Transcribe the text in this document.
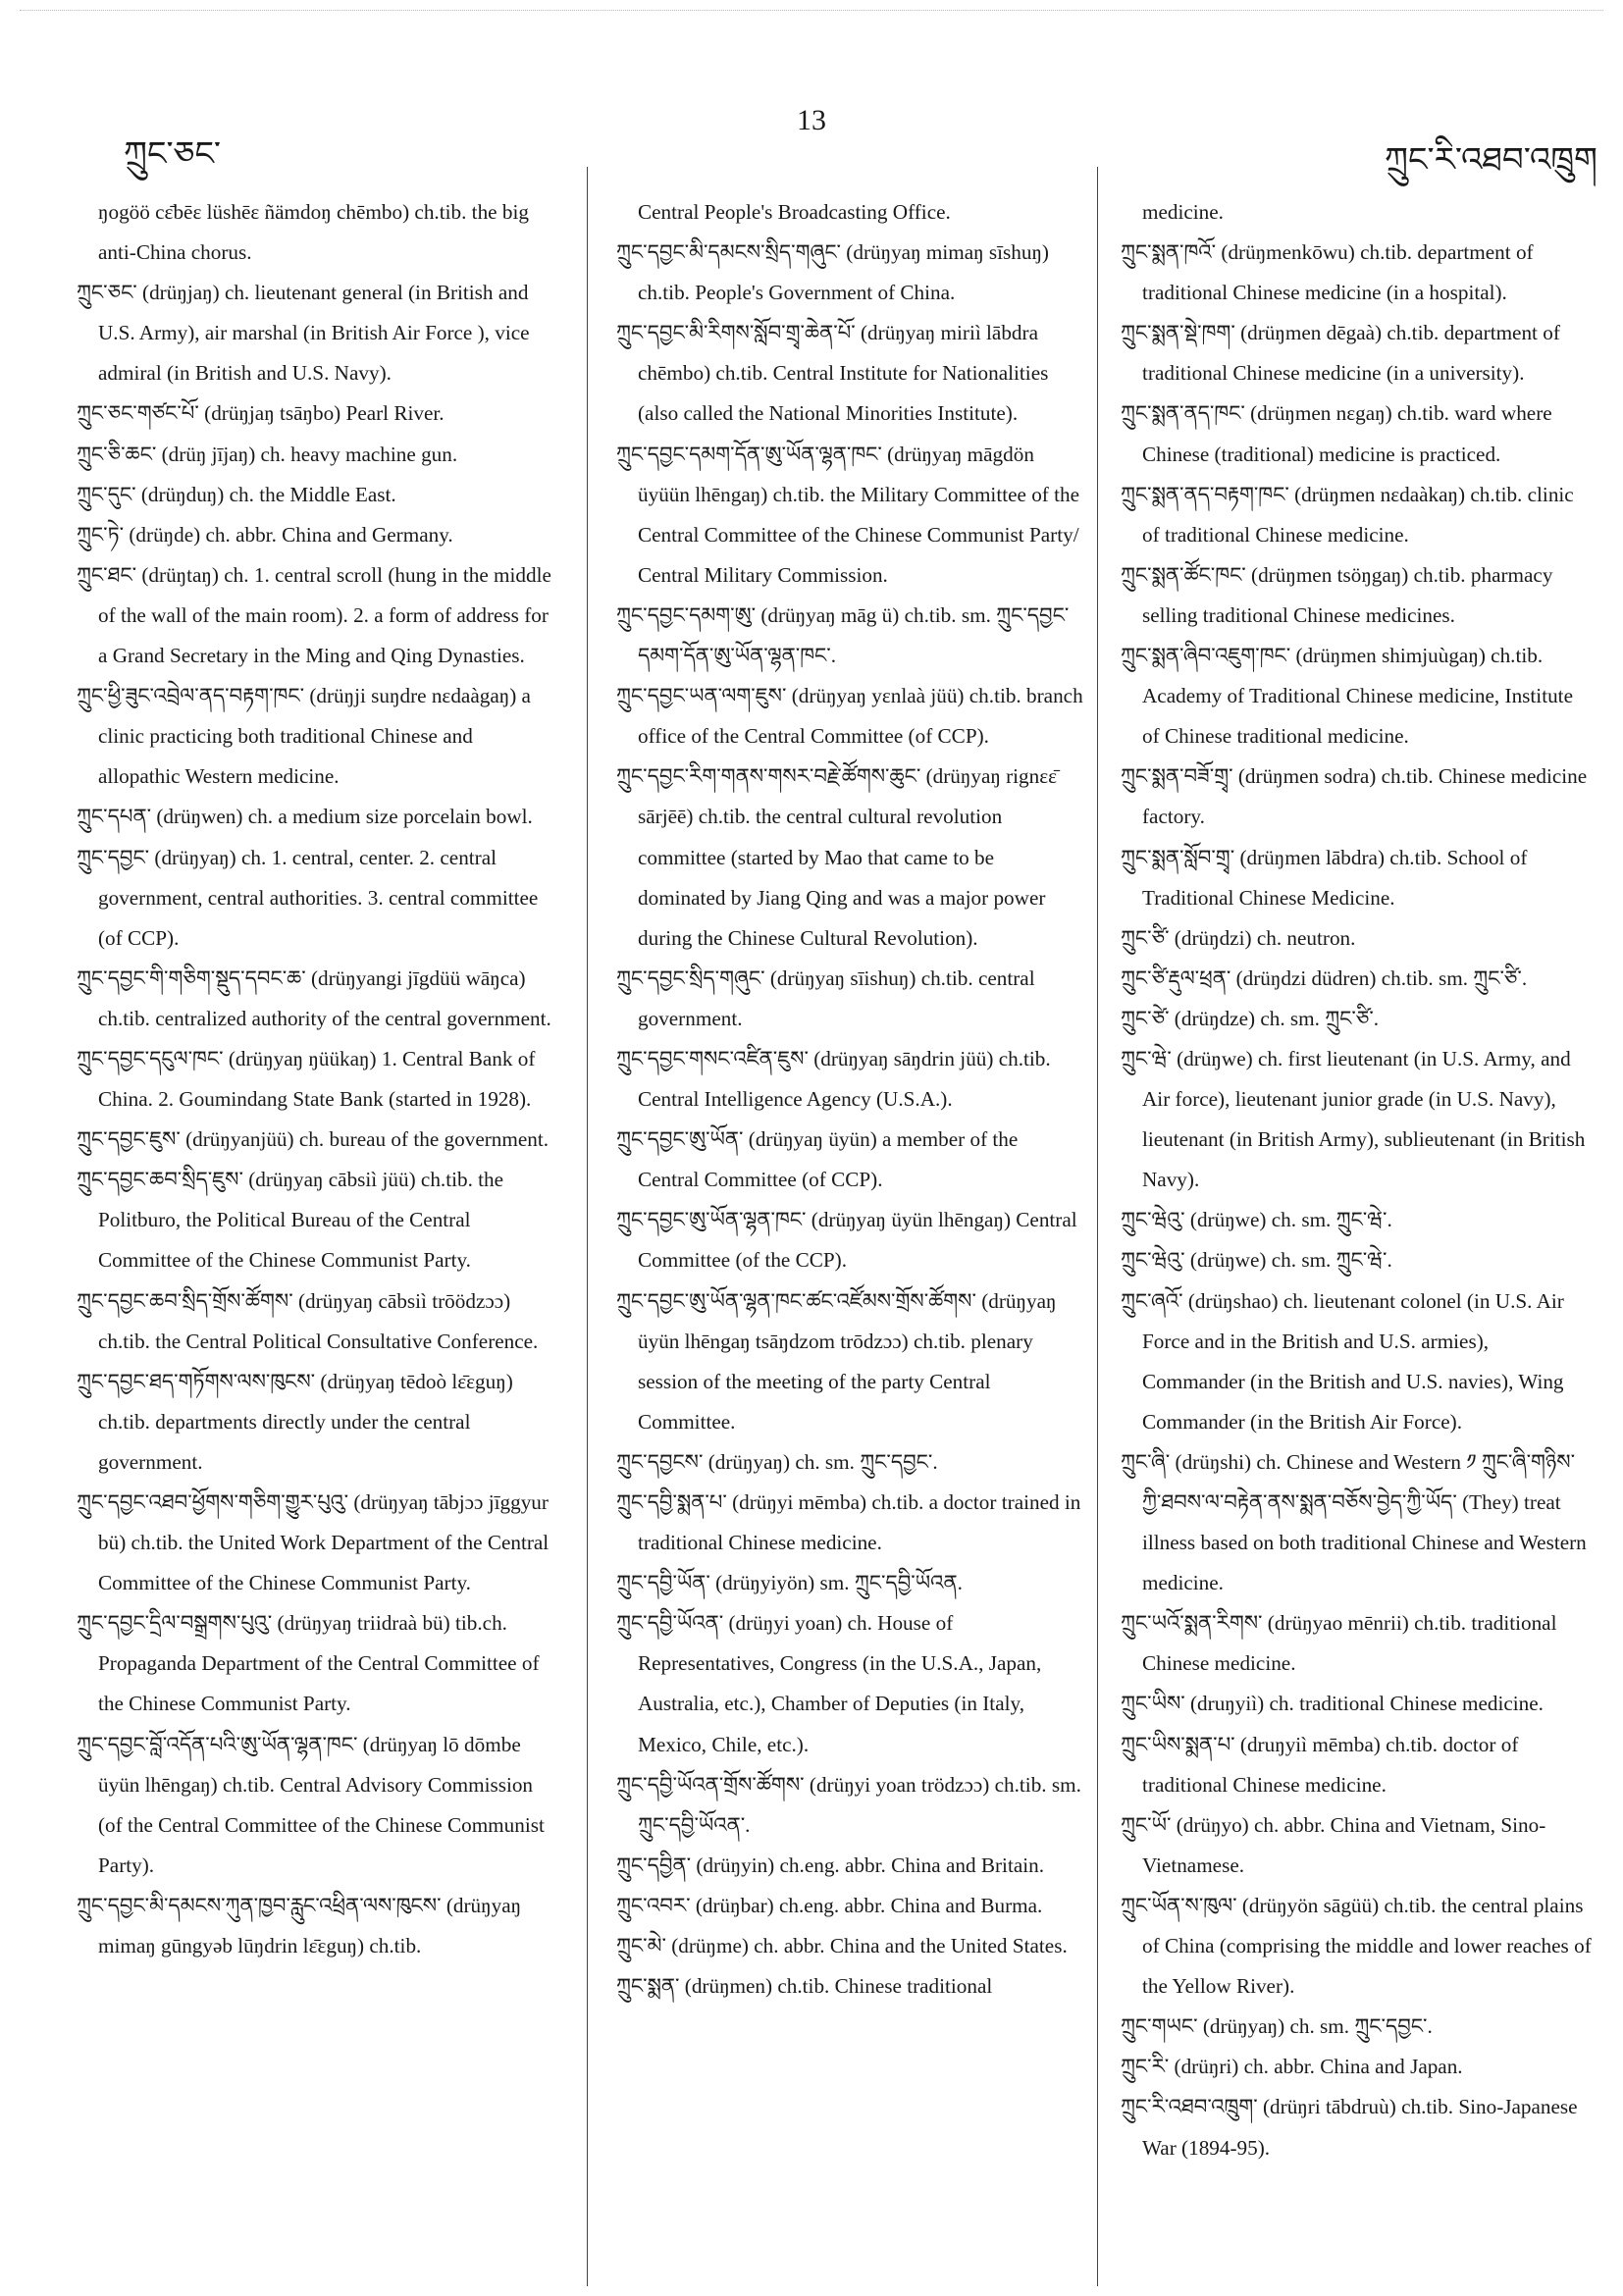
ཀྲུང་ཅང་
13
ཀྲུང་རི་འཐབ་འཁྲུག

ŋogöö cɛ̄bēɛ lüshēɛ ñämdoŋ chēmbo) ch.tib. the big anti-China chorus.

ཀྲུང་ཅང་ (drüŋjaŋ) ch. lieutenant general (in British and U.S. Army), air marshal (in British Air Force ), vice admiral (in British and U.S. Navy).

ཀྲུང་ཅང་གཙང་པོ་ (drüŋjaŋ tsāŋbo) Pearl River.

ཀྲུང་ཅི་ཆང་ (drüŋ jījaŋ) ch. heavy machine gun.

ཀྲུང་དུང་ (drüŋduŋ) ch. the Middle East.

ཀྲུང་ཏེ་ (drüŋde) ch. abbr. China and Germany.

ཀྲུང་ཐང་ (drüŋtaŋ) ch. 1. central scroll (hung in the middle of the wall of the main room). 2. a form of address for a Grand Secretary in the Ming and Qing Dynasties.

ཀྲུང་ཕྱི་ཟུང་འབྲེལ་ནད་བརྟག་ཁང་ (drüŋji suŋdre nɛdaàgaŋ) a clinic practicing both traditional Chinese and allopathic Western medicine.

ཀྲུང་དཔན་ (drüŋwen) ch. a medium size porcelain bowl.

ཀྲུང་དབྱང་ (drüŋyaŋ) ch. 1. central, center. 2. central government, central authorities. 3. central committee (of CCP).

ཀྲུང་དབྱང་གི་གཅིག་སྡུད་དབང་ཆ་ (drüŋyangi jīgdüü wāŋca) ch.tib. centralized authority of the central government.

ཀྲུང་དབྱང་དངུལ་ཁང་ (drüŋyaŋ ŋüükaŋ) 1. Central Bank of China. 2. Goumindang State Bank (started in 1928).

ཀྲུང་དབྱང་ཇུས་ (drüŋyanjüü) ch. bureau of the government.

ཀྲུང་དབྱང་ཆབ་སྲིད་ཇུས་ (drüŋyaŋ cābsiì jüü) ch.tib. the Politburo, the Political Bureau of the Central Committee of the Chinese Communist Party.

ཀྲུང་དབྱང་ཆབ་སྲིད་གྲོས་ཚོགས་ (drüŋyaŋ cābsiì trōödzɔɔ) ch.tib. the Central Political Consultative Conference.

ཀྲུང་དབྱང་ཐད་གཏོགས་ལས་ཁུངས་ (drüŋyaŋ tēdoò lɛ̄ɛguŋ) ch.tib. departments directly under the central government.

ཀྲུང་དབྱང་འཐབ་ཕྱོགས་གཅིག་གྱུར་པུའུ་ (drüŋyaŋ tābjɔɔ jīggyur bü) ch.tib. the United Work Department of the Central Committee of the Chinese Communist Party.

ཀྲུང་དབྱང་དྲིལ་བསྒྲགས་པུའུ་ (drüŋyaŋ triidraà bü) tib.ch. Propaganda Department of the Central Committee of the Chinese Communist Party.

ཀྲུང་དབྱང་བློ་འདོན་པའི་ཨུ་ཡོན་ལྷན་ཁང་ (drüŋyaŋ lō dōmbe üyün lhēngaŋ) ch.tib. Central Advisory Commission (of the Central Committee of the Chinese Communist Party).

ཀྲུང་དབྱང་མི་དམངས་ཀུན་ཁྱབ་རླུང་འཕྲིན་ལས་ཁུངས་ (drüŋyaŋ mimaŋ gūngyəb lūŋdrin lɛ̄ɛguŋ) ch.tib.

Central People's Broadcasting Office.

ཀྲུང་དབྱང་མི་དམངས་སྲིད་གཞུང་ (drüŋyaŋ mimaŋ sīshuŋ) ch.tib. People's Government of China.

ཀྲུང་དབྱང་མི་རིགས་སློབ་གྲྭ་ཆེན་པོ་ (drüŋyaŋ miriì lābdra chēmbo) ch.tib. Central Institute for Nationalities (also called the National Minorities Institute).

ཀྲུང་དབྱང་དམག་དོན་ཨུ་ཡོན་ལྷན་ཁང་ (drüŋyaŋ māgdön üyüün lhēngaŋ) ch.tib. the Military Committee of the Central Committee of the Chinese Communist Party/ Central Military Commission.

ཀྲུང་དབྱང་དམག་ཨུ་ (drüŋyaŋ māg ü) ch.tib. sm. ཀྲུང་དབྱང་དམག་དོན་ཨུ་ཡོན་ལྷན་ཁང་.

ཀྲུང་དབྱང་ཡན་ལག་ཇུས་ (drüŋyaŋ yɛnlaà jüü) ch.tib. branch office of the Central Committee (of CCP).

ཀྲུང་དབྱང་རིག་གནས་གསར་བརྗེ་ཚོགས་ཆུང་ (drüŋyaŋ rignɛɛ̄ sārjēē) ch.tib. the central cultural revolution committee (started by Mao that came to be dominated by Jiang Qing and was a major power during the Chinese Cultural Revolution).

ཀྲུང་དབྱང་སྲིད་གཞུང་ (drüŋyaŋ sīishuŋ) ch.tib. central government.

ཀྲུང་དབྱང་གསང་འཛིན་ཇུས་ (drüŋyaŋ sāŋdrin jüü) ch.tib. Central Intelligence Agency (U.S.A.).

ཀྲུང་དབྱང་ཨུ་ཡོན་ (drüŋyaŋ üyün) a member of the Central Committee (of CCP).

ཀྲུང་དབྱང་ཨུ་ཡོན་ལྷན་ཁང་ (drüŋyaŋ üyün lhēngaŋ) Central Committee (of the CCP).

ཀྲུང་དབྱང་ཨུ་ཡོན་ལྷན་ཁང་ཚང་འཛོམས་གྲོས་ཚོགས་ (drüŋyaŋ üyün lhēngaŋ tsāŋdzom trōdzɔɔ) ch.tib. plenary session of the meeting of the party Central Committee.

ཀྲུང་དབྱངས་ (drüŋyaŋ) ch. sm. ཀྲུང་དབྱང་.

ཀྲུང་དབྱི་སྨན་པ་ (drüŋyi mēmba) ch.tib. a doctor trained in traditional Chinese medicine.

ཀྲུང་དབྱི་ཡོན་ (drüŋyiyön) sm. ཀྲུང་དབྱི་ཡོའན.

ཀྲུང་དབྱི་ཡོའན་ (drüŋyi yoan) ch. House of Representatives, Congress (in the U.S.A., Japan, Australia, etc.), Chamber of Deputies (in Italy, Mexico, Chile, etc.).

ཀྲུང་དབྱི་ཡོའན་གྲོས་ཚོགས་ (drüŋyi yoan trödzɔɔ) ch.tib. sm. ཀྲུང་དབྱི་ཡོའན་.

ཀྲུང་དབྱིན་ (drüŋyin) ch.eng. abbr. China and Britain.

ཀྲུང་འབར་ (drüŋbar) ch.eng. abbr. China and Burma.

ཀྲུང་མེ་ (drüŋme) ch. abbr. China and the United States.

ཀྲུང་སྨན་ (drüŋmen) ch.tib. Chinese traditional

medicine.

ཀྲུང་སྨན་ཁའོ་ (drüŋmenkōwu) ch.tib. department of traditional Chinese medicine (in a hospital).

ཀྲུང་སྨན་སྡེ་ཁག་ (drüŋmen dēgaà) ch.tib. department of traditional Chinese medicine (in a university).

ཀྲུང་སྨན་ནད་ཁང་ (drüŋmen nɛgaŋ) ch.tib. ward where Chinese (traditional) medicine is practiced.

ཀྲུང་སྨན་ནད་བརྟག་ཁང་ (drüŋmen nɛdaàkaŋ) ch.tib. clinic of traditional Chinese medicine.

ཀྲུང་སྨན་ཚོང་ཁང་ (drüŋmen tsöŋgaŋ) ch.tib. pharmacy selling traditional Chinese medicines.

ཀྲུང་སྨན་ཞིབ་འཇུག་ཁང་ (drüŋmen shimjuùgaŋ) ch.tib. Academy of Traditional Chinese medicine, Institute of Chinese traditional medicine.

ཀྲུང་སྨན་བཟོ་གྲྭ་ (drüŋmen sodra) ch.tib. Chinese medicine factory.

ཀྲུང་སྨན་སློབ་གྲྭ་ (drüŋmen lābdra) ch.tib. School of Traditional Chinese Medicine.

ཀྲུང་ཙི་ (drüŋdzi) ch. neutron.

ཀྲུང་ཙི་རྡུལ་ཕྲན་ (drüŋdzi düdren) ch.tib. sm. ཀྲུང་ཙི་.

ཀྲུང་ཙེ་ (drüŋdze) ch. sm. ཀྲུང་ཙི་.

ཀྲུང་ཝེ་ (drüŋwe) ch. first lieutenant (in U.S. Army, and Air force), lieutenant junior grade (in U.S. Navy), lieutenant (in British Army), sublieutenant (in British Navy).

ཀྲུང་ཝེའུ་ (drüŋwe) ch. sm. ཀྲུང་ཝེ་.

ཀྲུང་ཝེའུ་ (drüŋwe) ch. sm. ཀྲུང་ཝེ་.

ཀྲུང་ཞའོ་ (drüŋshao) ch. lieutenant colonel (in U.S. Air Force and in the British and U.S. armies), Commander (in the British and U.S. navies), Wing Commander (in the British Air Force).

ཀྲུང་ཞི་ (drüŋshi) ch. Chinese and Western ༡ ཀྲུང་ཞི་གཉིས་ཀྱི་ཐབས་ལ་བརྟེན་ནས་སྨན་བཅོས་བྱེད་ཀྱི་ཡོད་ (They) treat illness based on both traditional Chinese and Western medicine.

ཀྲུང་ཡའོ་སྨན་རིགས་ (drüŋyao mēnrii) ch.tib. traditional Chinese medicine.

ཀྲུང་ཡིས་ (druŋyiì) ch. traditional Chinese medicine.

ཀྲུང་ཡིས་སྨན་པ་ (druŋyiì mēmba) ch.tib. doctor of traditional Chinese medicine.

ཀྲུང་ཡོ་ (drüŋyo) ch. abbr. China and Vietnam, Sino-Vietnamese.

ཀྲུང་ཡོན་ས་ཁུལ་ (drüŋyön sāgüü) ch.tib. the central plains of China (comprising the middle and lower reaches of the Yellow River).

ཀྲུང་གཡང་ (drüŋyaŋ) ch. sm. ཀྲུང་དབྱང་.

ཀྲུང་རི་ (drüŋri) ch. abbr. China and Japan.

ཀྲུང་རི་འཐབ་འཁྲུག་ (drüŋri tābdruù) ch.tib. Sino-Japanese War (1894-95).
